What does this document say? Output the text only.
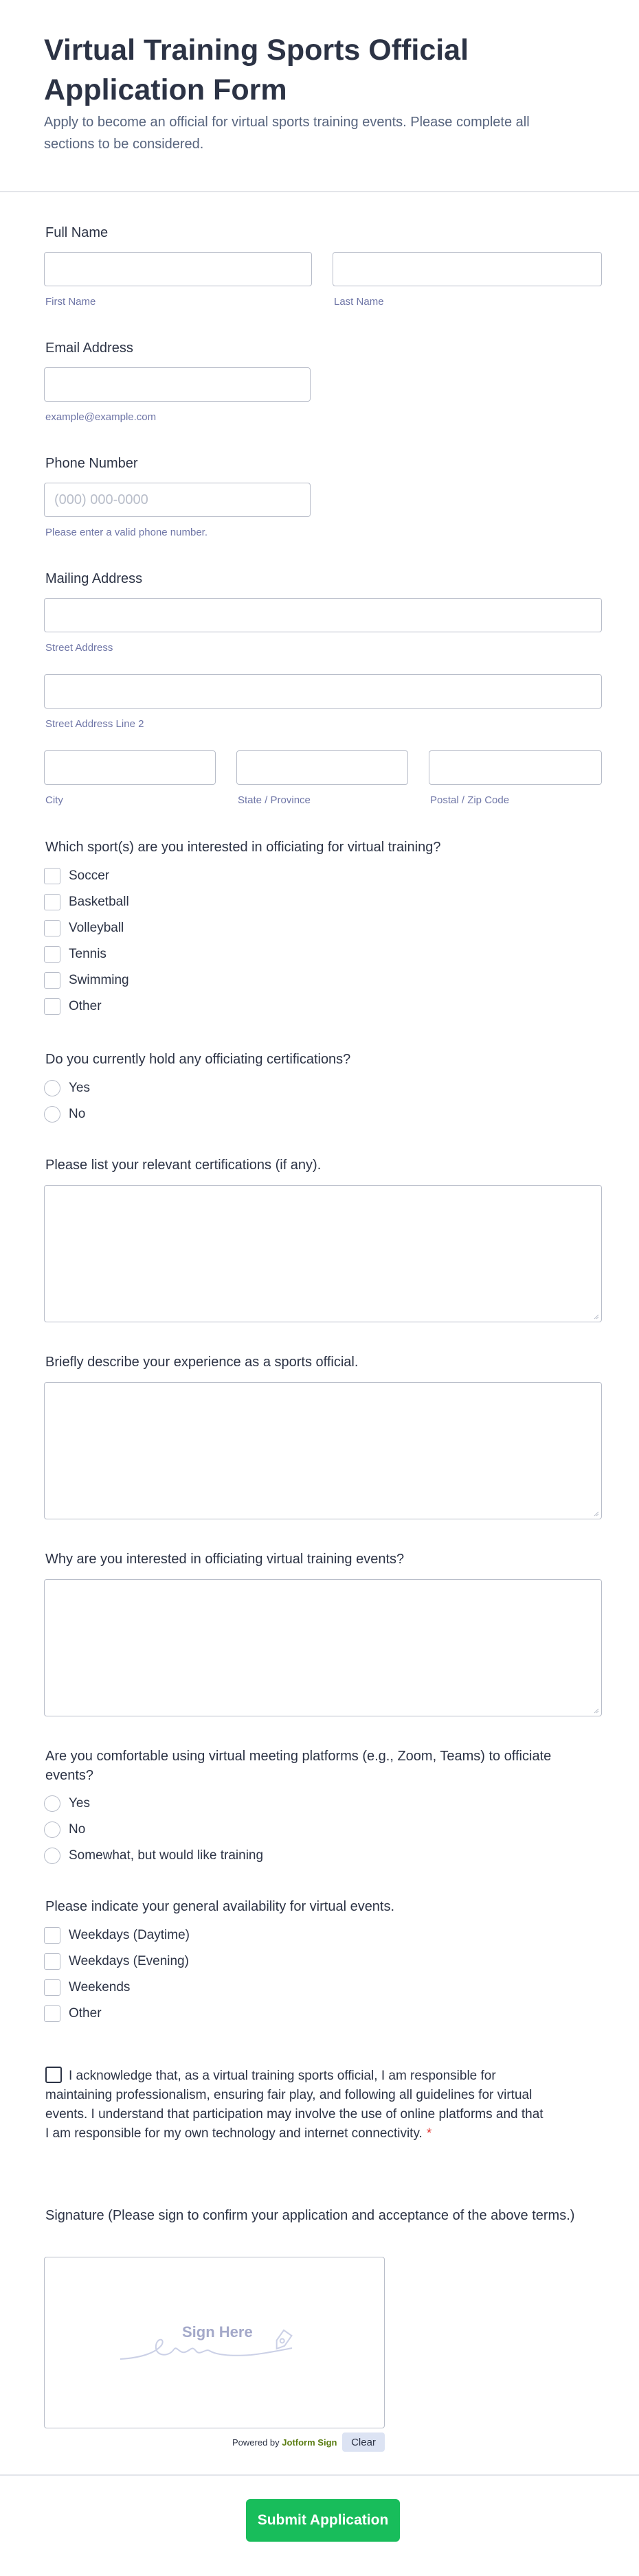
Virtual Training Sports Official Application Form
Apply to become an official for virtual sports training events. Please complete all sections to be considered.
Full Name
First Name	Last Name
Email Address
example@example.com
Phone Number
(000) 000-0000
Please enter a valid phone number.
Mailing Address
Street Address
Street Address Line 2
City	State / Province	Postal / Zip Code
Which sport(s) are you interested in officiating for virtual training?
Soccer
Basketball
Volleyball
Tennis
Swimming
Other
Do you currently hold any officiating certifications?
Yes
No
Please list your relevant certifications (if any).
Briefly describe your experience as a sports official.
Why are you interested in officiating virtual training events?
Are you comfortable using virtual meeting platforms (e.g., Zoom, Teams) to officiate events?
Yes
No
Somewhat, but would like training
Please indicate your general availability for virtual events.
Weekdays (Daytime)
Weekdays (Evening)
Weekends
Other
I acknowledge that, as a virtual training sports official, I am responsible for maintaining professionalism, ensuring fair play, and following all guidelines for virtual events. I understand that participation may involve the use of online platforms and that I am responsible for my own technology and internet connectivity. *
Signature (Please sign to confirm your application and acceptance of the above terms.)
Sign Here
Powered by Jotform Sign	Clear
Submit Application
